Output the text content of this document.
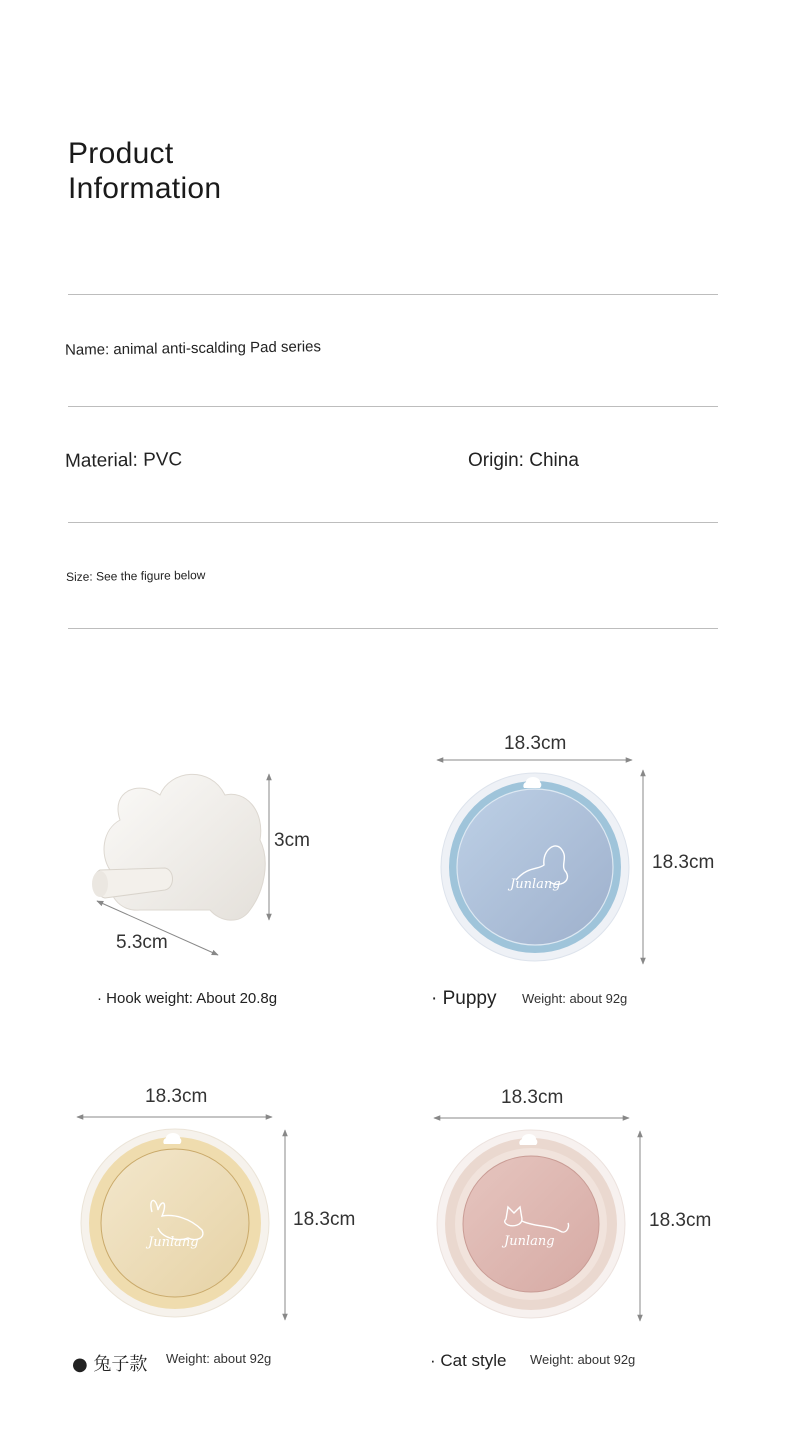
Product
Information
Name: animal anti-scalding Pad series
Material: PVC	Origin: China
Size: See the figure below
3cm
5.3cm
· Hook weight: About 20.8g
18.3cm
Junlang
18.3cm
· Puppy Weight: about 92g
18.3cm
Junlang
18.3cm
● 兔子款 Weight: about 92g
18.3cm
Junlang
18.3cm
· Cat style Weight: about 92g
